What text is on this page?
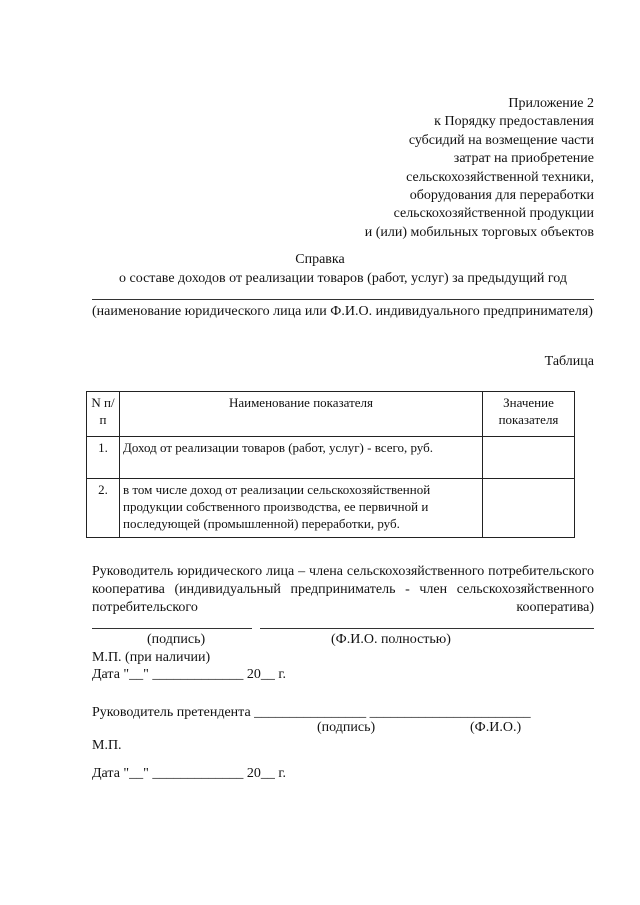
Приложение 2
к Порядку предоставления
субсидий на возмещение части
затрат на приобретение
сельскохозяйственной техники,
оборудования для переработки
сельскохозяйственной продукции
и (или) мобильных торговых объектов
Справка
о составе доходов от реализации товаров (работ, услуг) за предыдущий год
(наименование юридического лица или Ф.И.О. индивидуального предпринимателя)
Таблица
N п/п	Наименование показателя	Значение показателя
1.	Доход от реализации товаров (работ, услуг) - всего, руб.	
2.	в том числе доход от реализации сельскохозяйственной продукции собственного производства, ее первичной и последующей (промышленной) переработки, руб.	
Руководитель юридического лица – члена сельскохозяйственного потребительского кооператива (индивидуальный предприниматель - член сельскохозяйственного потребительского кооператива)
(подпись)	(Ф.И.О. полностью)
М.П. (при наличии)
Дата "__" _____________ 20__ г.
Руководитель претендента ________________ _______________________
(подпись)	(Ф.И.О.)
М.П.
Дата "__" _____________ 20__ г.
